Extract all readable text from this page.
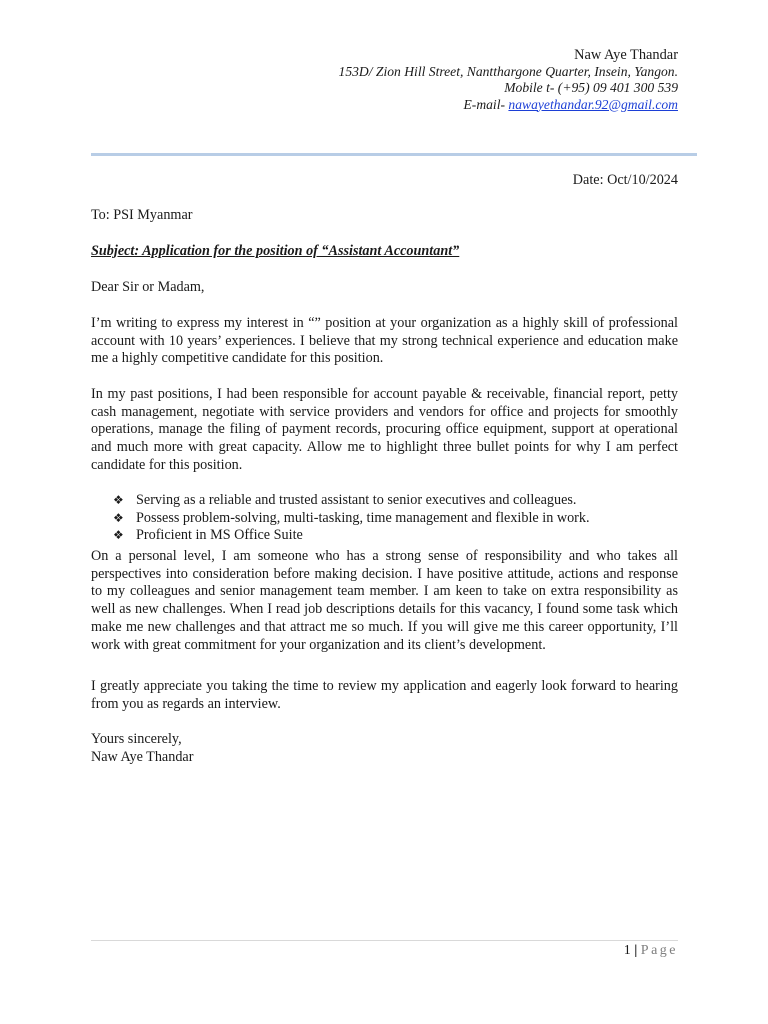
Naw Aye Thandar
153D/ Zion Hill Street, Nantthargone Quarter, Insein, Yangon.
Mobile t- (+95) 09 401 300 539
E-mail- nawayethandar.92@gmail.com
Date: Oct/10/2024
To: PSI Myanmar
Subject: Application for the position of “Assistant Accountant”
Dear Sir or Madam,
I’m writing to express my interest in “” position at your organization as a highly skill of professional account with 10 years’ experiences. I believe that my strong technical experience and education make me a highly competitive candidate for this position.
In my past positions, I had been responsible for account payable & receivable, financial report, petty cash management, negotiate with service providers and vendors for office and projects for smoothly operations, manage the filing of payment records, procuring office equipment, support at operational and much more with great capacity. Allow me to highlight three bullet points for why I am perfect candidate for this position.
❖ Serving as a reliable and trusted assistant to senior executives and colleagues.
❖ Possess problem-solving, multi-tasking, time management and flexible in work.
❖ Proficient in MS Office Suite
On a personal level, I am someone who has a strong sense of responsibility and who takes all perspectives into consideration before making decision. I have positive attitude, actions and response to my colleagues and senior management team member. I am keen to take on extra responsibility as well as new challenges. When I read job descriptions details for this vacancy, I found some task which make me new challenges and that attract me so much. If you will give me this career opportunity, I’ll work with great commitment for your organization and its client’s development.
I greatly appreciate you taking the time to review my application and eagerly look forward to hearing from you as regards an interview.
Yours sincerely,
Naw Aye Thandar
1 | Page
